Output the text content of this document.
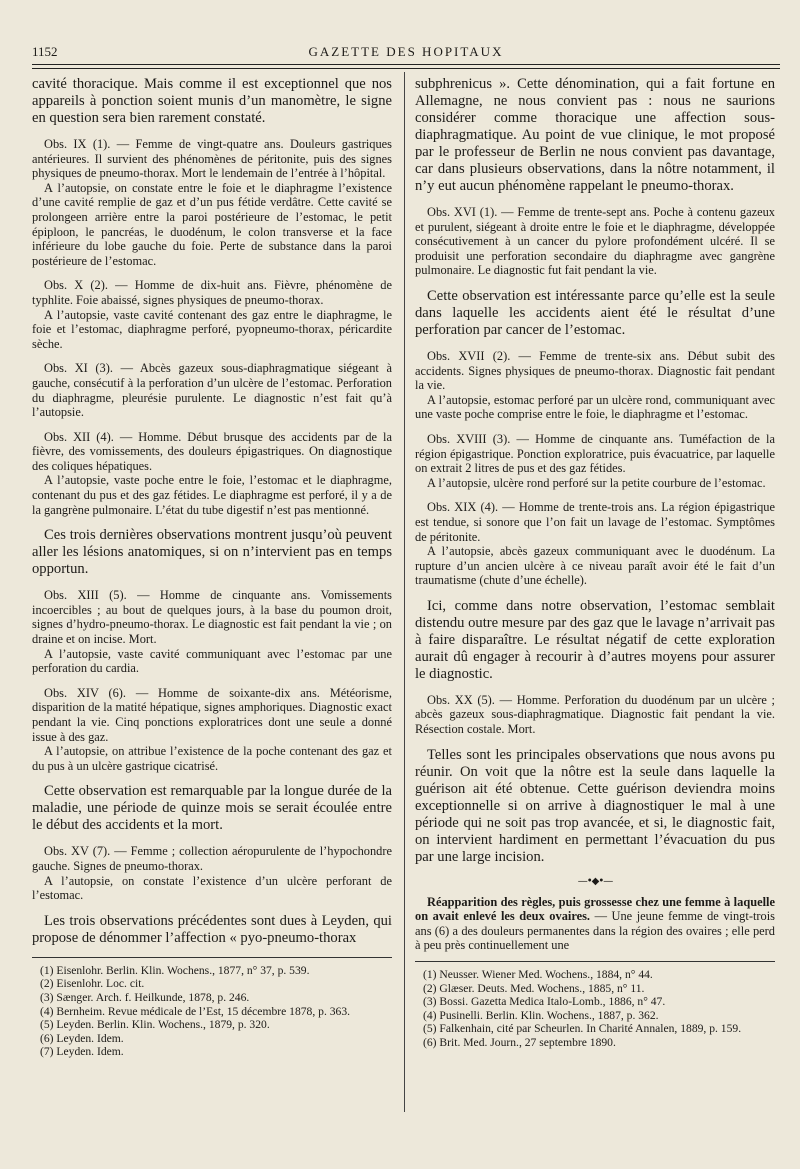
1152	GAZETTE DES HOPITAUX

cavité thoracique. Mais comme il est exceptionnel que nos appareils à ponction soient munis d’un manomètre, le signe en question sera bien rarement constaté.

Obs. IX (1). — Femme de vingt-quatre ans. Douleurs gastriques antérieures. Il survient des phénomènes de péritonite, puis des signes physiques de pneumo-thorax. Mort le lendemain de l’entrée à l’hôpital.

A l’autopsie, on constate entre le foie et le diaphragme l’existence d’une cavité remplie de gaz et d’un pus fétide verdâtre. Cette cavité se prolongeen arrière entre la paroi postérieure de l’estomac, le petit épiploon, le pancréas, le duodénum, le colon transverse et la face inférieure du lobe gauche du foie. Perte de substance dans la paroi postérieure de l’estomac.

Obs. X (2). — Homme de dix-huit ans. Fièvre, phénomène de typhlite. Foie abaissé, signes physiques de pneumo-thorax.

A l’autopsie, vaste cavité contenant des gaz entre le diaphragme, le foie et l’estomac, diaphragme perforé, pyopneumo-thorax, péricardite sèche.

Obs. XI (3). — Abcès gazeux sous-diaphragmatique siégeant à gauche, consécutif à la perforation d’un ulcère de l’estomac. Perforation du diaphragme, pleurésie purulente. Le diagnostic n’est fait qu’à l’autopsie.

Obs. XII (4). — Homme. Début brusque des accidents par de la fièvre, des vomissements, des douleurs épigastriques. On diagnostique des coliques hépatiques.

A l’autopsie, vaste poche entre le foie, l’estomac et le diaphragme, contenant du pus et des gaz fétides. Le diaphragme est perforé, il y a de la gangrène pulmonaire. L’état du tube digestif n’est pas mentionné.

Ces trois dernières observations montrent jusqu’où peuvent aller les lésions anatomiques, si on n’intervient pas en temps opportun.

Obs. XIII (5). — Homme de cinquante ans. Vomissements incoercibles ; au bout de quelques jours, à la base du poumon droit, signes d’hydro-pneumo-thorax. Le diagnostic est fait pendant la vie ; on draine et on incise. Mort.

A l’autopsie, vaste cavité communiquant avec l’estomac par une perforation du cardia.

Obs. XIV (6). — Homme de soixante-dix ans. Météorisme, disparition de la matité hépatique, signes amphoriques. Diagnostic exact pendant la vie. Cinq ponctions exploratrices dont une seule a donné issue à des gaz.

A l’autopsie, on attribue l’existence de la poche contenant des gaz et du pus à un ulcère gastrique cicatrisé.

Cette observation est remarquable par la longue durée de la maladie, une période de quinze mois se serait écoulée entre le début des accidents et la mort.

Obs. XV (7). — Femme ; collection aéropurulente de l’hypochondre gauche. Signes de pneumo-thorax.

A l’autopsie, on constate l’existence d’un ulcère perforant de l’estomac.

Les trois observations précédentes sont dues à Leyden, qui propose de dénommer l’affection « pyo-pneumo-thorax

(1) Eisenlohr. Berlin. Klin. Wochens., 1877, n° 37, p. 539.

(2) Eisenlohr. Loc. cit.

(3) Sænger. Arch. f. Heilkunde, 1878, p. 246.

(4) Bernheim. Revue médicale de l’Est, 15 décembre 1878, p. 363.

(5) Leyden. Berlin. Klin. Wochens., 1879, p. 320.

(6) Leyden. Idem.

(7) Leyden. Idem.

subphrenicus ». Cette dénomination, qui a fait fortune en Allemagne, ne nous convient pas : nous ne saurions considérer comme thoracique une affection sous-diaphragmatique. Au point de vue clinique, le mot proposé par le professeur de Berlin ne nous convient pas davantage, car dans plusieurs observations, dans la nôtre notamment, il n’y eut aucun phénomène rappelant le pneumo-thorax.

Obs. XVI (1). — Femme de trente-sept ans. Poche à contenu gazeux et purulent, siégeant à droite entre le foie et le diaphragme, développée consécutivement à un cancer du pylore profondément ulcéré. Il se produisit une perforation secondaire du diaphragme avec gangrène pulmonaire. Le diagnostic fut fait pendant la vie.

Cette observation est intéressante parce qu’elle est la seule dans laquelle les accidents aient été le résultat d’une perforation par cancer de l’estomac.

Obs. XVII (2). — Femme de trente-six ans. Début subit des accidents. Signes physiques de pneumo-thorax. Diagnostic fait pendant la vie.

A l’autopsie, estomac perforé par un ulcère rond, communiquant avec une vaste poche comprise entre le foie, le diaphragme et l’estomac.

Obs. XVIII (3). — Homme de cinquante ans. Tuméfaction de la région épigastrique. Ponction exploratrice, puis évacuatrice, par laquelle on extrait 2 litres de pus et des gaz fétides.

A l’autopsie, ulcère rond perforé sur la petite courbure de l’estomac.

Obs. XIX (4). — Homme de trente-trois ans. La région épigastrique est tendue, si sonore que l’on fait un lavage de l’estomac. Symptômes de péritonite.

A l’autopsie, abcès gazeux communiquant avec le duodénum. La rupture d’un ancien ulcère à ce niveau paraît avoir été le fait d’un traumatisme (chute d’une échelle).

Ici, comme dans notre observation, l’estomac semblait distendu outre mesure par des gaz que le lavage n’arrivait pas à faire disparaître. Le résultat négatif de cette exploration aurait dû engager à recourir à d’autres moyens pour assurer le diagnostic.

Obs. XX (5). — Homme. Perforation du duodénum par un ulcère ; abcès gazeux sous-diaphragmatique. Diagnostic fait pendant la vie. Résection costale. Mort.

Telles sont les principales observations que nous avons pu réunir. On voit que la nôtre est la seule dans laquelle la guérison ait été obtenue. Cette guérison deviendra moins exceptionnelle si on arrive à diagnostiquer le mal à une période qui ne soit pas trop avancée, et si, le diagnostic fait, on intervient hardiment en permettant l’évacuation du pus par une large incision.

—•◆•—

Réapparition des règles, puis grossesse chez une femme à laquelle on avait enlevé les deux ovaires. — Une jeune femme de vingt-trois ans (6) a des douleurs permanentes dans la région des ovaires ; elle perd à peu près continuellement une

(1) Neusser. Wiener Med. Wochens., 1884, n° 44.

(2) Glæser. Deuts. Med. Wochens., 1885, n° 11.

(3) Bossi. Gazetta Medica Italo-Lomb., 1886, n° 47.

(4) Pusinelli. Berlin. Klin. Wochens., 1887, p. 362.

(5) Falkenhain, cité par Scheurlen. In Charité Annalen, 1889, p. 159.

(6) Brit. Med. Journ., 27 septembre 1890.
